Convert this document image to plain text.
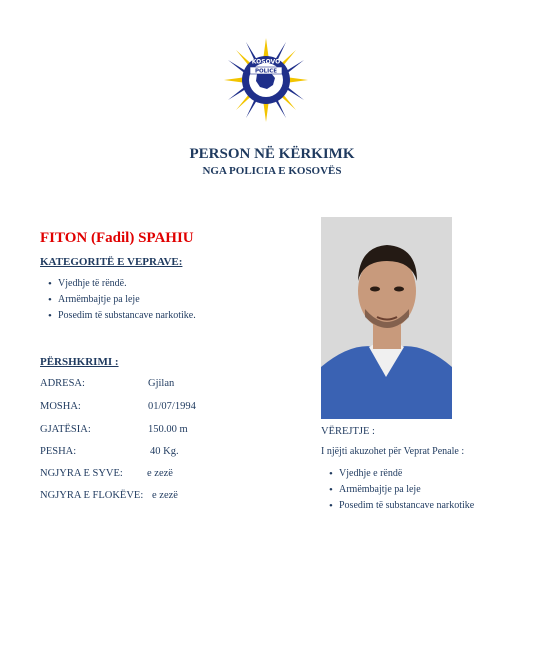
KOSOVO
POLICE
PERSON NË KËRKIMK
NGA POLICIA E KOSOVËS
FITON (Fadil) SPAHIU
KATEGORITË E VEPRAVE:
• Vjedhje të rëndë.
• Armëmbajtje pa leje
• Posedim të substancave narkotike.
PËRSHKRIMI :
ADRESA:	Gjilan
MOSHA:	01/07/1994
GJATËSIA:	150.00 m
PESHA:	40 Kg.
NGJYRA E SYVE: e zezë
NGJYRA E FLOKËVE: e zezë
VËREJTJE :
I njëjti akuzohet për Veprat Penale :
• Vjedhje e rëndë
• Armëmbajtje pa leje
• Posedim të substancave narkotike
